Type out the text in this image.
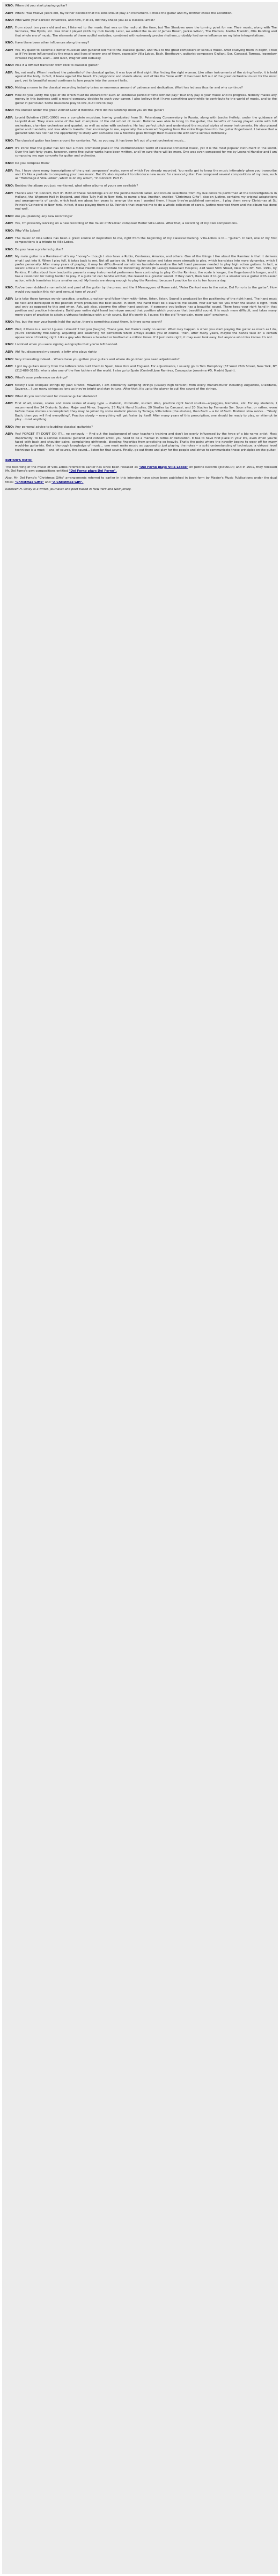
KNO: When did you start playing guitar?
ADF: When I was twelve years old, my father decided that his sons should play an instrument. I chose the guitar and my brother chose the accordion.
KNO: Who were your earliest influences, and how, if at all, did they shape you as a classical artist?
ADF: From about ten years old and on, I listened to the music that was on the radio at the time, but The Shadows were the turning point for me. Their music, along with The Ventures, The Byrds, etc. was what I played (with my rock band). Later, we added the music of James Brown, Jackie Wilson, The Platters, Aretha Franklin, Otis Redding and that whole era of music. The elements of these soulful melodies, combined with extremely precise rhythms, probably had some influence on my later interpretations.
KNO: Have there been other influences along the way?
ADF: Yes. My quest to become a better musician and guitarist led me to the classical guitar, and thus to the great composers of serious music. After studying them in depth, I feel as if I've been influenced by the music and lives of every one of them, especially Villa Lobos, Bach, Beethoven, guitarist-composers Giuliani, Sor, Carcassi, Tarrega, legendary virtuoso Paganini, Liszt... and later, Wagner and Debussy.
KNO: Was it a difficult transition from rock to classical guitar?
ADF: No, not really. When I realized the potential of the classical guitar, it was love at first sight, like finding the right woman. Like other instruments of the string family, it is held against the body. In fact, it leans against the heart. It's polyphonic and stands alone, sort of like the "lone wolf". It has been left out of the great orchestral music for the most part, yet its beautiful sound continues to lure people into the concert halls.
KNO: Making a name in the classical recording industry takes an enormous amount of patience and dedication. What has led you thus far and why continue?
ADF: How do you justify the type of life which must be endured for such an extensive period of time without pay? Your only pay is your music and its progress. Nobody makes any money in this business until a record company decides to push your career. I also believe that I have something worthwhile to contribute to the world of music, and to the guitar in particular. Some musicians play to live, but I live to play.
KNO: You studied under the great violinist Leonid Bolotine. How did his tutorship mold you on the guitar?
ADF: Leonid Bolotine (1901-1993) was a complete musician, having graduated from St. Petersburg Conservatory in Russia, along with Jascha Heifetz, under the guidance of Leopold Auer. They were some of the last champions of the old school of music. Bolotine was able to bring to the guitar, the benefits of having played violin with full orchestras, chamber orchestras and quartet, as well as solos with orchestra. He had perfect pitch and understood the musical styles of many instruments. He also played guitar and mandolin, and was able to transfer that knowledge to me, especially the advanced fingering from the violin fingerboard to the guitar fingerboard. I believe that a guitarist who has not had the opportunity to study with someone like a Bolotine goes through their musical life with some serious deficiency.
KNO: The classical guitar has been around for centuries. Yet, as you say, it has been left out of great orchestral music...
ADF: It's ironic that the guitar has not had a more prominent place in the institutionalized world of classical orchestral music, yet it is the most popular instrument in the world. Over the last forty years, however, some fine guitar works have been written, and I'm sure there will be more. One was even composed for me by Leonard Handler and I am composing my own concerto for guitar and orchestra.
KNO: Do you compose then?
ADF: Yes, I have done many transcriptions of the great composers' works, some of which I've already recorded. You really get to know the music intimately when you transcribe and it's like a prelude to composing your own music. But it's also important to introduce new music for classical guitar. I've composed several compositions of my own, such as "Hommage A Villa Lobos", which is on my album, "In Concert: Part I".
KNO: Besides the album you just mentioned, what other albums of yours are available?
ADF: There's also "In Concert, Part II". Both of these recordings are on the Justine Records label, and include selections from my live concerts performed at the Concertgebouw in Holland, the Wigmore Hall in England, and Alice Tully Hall in New York, to name a few. Another, entitled "Christmas Gifts", also on Justine, contains my original adaptations and arrangements of carols, which took me about ten years to arrange the way I wanted them. I hope they're published someday... I play them every Christmas at St. Patrick's Cathedral in New York. In fact, it was playing them at St. Patrick's that inspired me to do a whole collection of carols. Justine recorded them and the album has done real well.
KNO: Are you planning any new recordings?
ADF: Yes, I'm presently working on a new recording of the music of Brazilian composer Heitor Villa Lobos. After that, a recording of my own compositions.
KNO: Why Villa Lobos?
ADF: The music of Villa Lobos has been a great source of inspiration to me, right from the beginning of my classical training. Villa-Lobos is to... "guitar". In fact, one of my first compositions is a tribute to Villa Lobos.
KNO: Do you have a preferred guitar?
ADF: My main guitar is a Ramirez--that's my "honey"-- though I also have a Rubio, Contreras, Amalios, and others. One of the things I like about the Ramirez is that it delivers what I put into it. When I play full, it takes back to me. Not all guitars do. It has higher action and takes more strength to play, which translates into more dynamics, which I prefer personally. After many years of playing, it may be difficult--and sometimes harmful--to endure the left hand pressure needed to play high action guitars. In fact, a recent article in Guitarman and Official Millar Health Care Institute for Performing Artists (RI Lesley) Roosevelt Hospital, 428 West 59th Street, New York NY, Feb. 1991, by Perkins, P. talks about how tendonitis prevents many instrumental performers from continuing to play. On the Ramirez, the scale is longer, the fingerboard is longer, and it has a resolution for being harder to play. If a guitarist can handle all that, the reward is a greater sound. If they can't, then take it to go to a smaller scale guitar with easier action, which translates into a smaller sound. My hands are strong enough to play the Ramirez, because I practice for six to ten hours a day.
KNO: You've been dubbed a romanticist and poet of the guitar by the press, and the II Messaggero of Rome said, "Peter Dantoni was to the voice, Del Forno is to the guitar". How would you explain this rich and sensual tone of yours?
ADF: Lets take those famous words--practice, practice, practice--and follow them with--listen, listen, listen. Sound is produced by the positioning of the right hand. The hand must be held and developed in the position which produces the best sound. In short, the hand must be a slave to the sound. Your ear will tell you when the sound is right. Then and only as opposed to this and when. Ask, ask also, observe the other hand position. If someone you believe has a beautiful sound. There keep your right hand in that position and practice intensively. Build your entire right hand technique around that position which produces that beautiful sound. It is much more difficult, and takes many more years of practice to attain a virtuoso technique with a rich sound. But it's worth it. I guess it's the old "know pain, more gain" syndrome.
KNO: Yes, but the way your hands hold the guitar, there's something about them. Is there some secret?
ADF: Well, if there is a secret I guess I shouldn't tell you (laughs). Thank you, but there's really no secret. What may happen is when you start playing the guitar as much as I do, you're constantly fine-tuning, adjusting and searching for perfection which always eludes you of course. Then, after many years, maybe the hands take on a certain appearance of looking right. Like a guy who throws a baseball or football at a million times. If it just looks right, it may even look easy, but anyone who tries knows it's not.
KNO: I noticed when you were signing autographs that you're left handed.
ADF: Ah! You discovered my secret; a lefty who plays righty.
KNO: Very interesting indeed... Where have you gotten your guitars and where do go when you need adjustments?
ADF: I got my guitars mostly from the luthiers who built them in Spain, New York and England. For adjustments, I usually go to Tom Humphrey (37 West 26th Street, New York, NY (212-689-3165), who is also one of the fine luthiers of the world. I also go to Spain (Contrell Jose Ramirez, Concepcion Jeronima #5, Madrid Spain).
KNO: What's your preference on strings?
ADF: Mostly I use Aranjuez strings by Juan Orozco. However, I am constantly sampling strings (usually high tension) from every manufacturer including Augustine, D'addario, Savarez... I use many strings as long as they're bright and stay in tune. After that, it's up to the player to pull the sound of the strings.
KNO: What do you recommend for classical guitar students?
ADF: First of all, scales, scales and more scales of every type -- diatonic, chromatic, slurred. Also, practice right hand studies—arpeggios, tremolos, etc. For my students, I recommend the 24 Diatonic Scales, Major and Minor, Segovia, 25 Right Hand Studies, 20 Studies by Carcassi, and 20 Studies by Fernando Sor. Soon after, or rather, even before these studies are completed, they may be joined by some melodic pieces by Tarrega, Villa Lobos (the etudes), then Bach -- a lot of Bach. Brahms' slow works... "Study Bach, then you will find everything". Practice slowly -- everything will get faster by itself. After many years of this prescription, one should be ready to play, or attempt to play... most anything.
KNO: Any personal advice to budding classical guitarists?
ADF: Yes! FORGET IT! DON'T DO IT!... no seriously -- Find out the background of your teacher's training and don't be overly influenced by the hype of a big-name artist. Most importantly, to be a serious classical guitarist and concert artist, you need to be a maniac in terms of dedication. It has to have first place in your life, even when you're faced with back and shoulder pains, complaining girlfriends, bleeding fingertips from practicing so heavily. That's the point where the novelty begins to wear off for many would-be guitarists. Get a thorough knowledge of music... one must make music as opposed to just playing the notes -- a solid understanding of technique, a virtuosi level technique is a must -- and, of course, the sound... listen for that sound. Finally, go out there and play for the people and strive to communicate these principles on the guitar.
EDITOR'S NOTE:

The recording of the music of Villa-Lobos referred to earlier has since been released as "Del Forno plays Villa Lobos" on Justine Records (JR506CD); and in 2001, they released Mr. Del Forno's own compositions entitled "Del Forno plays Del Forno".

Also, Mr. Del Forno's "Christmas Gifts" arrangements referred to earlier in this interview have since been published in book form by Master's Music Publications under the dual titles: "Christmas Gifts" and "A Christmas Gift".

Kathleen H. Oxley is a writer, journalist and poet based in New York and New Jersey.
